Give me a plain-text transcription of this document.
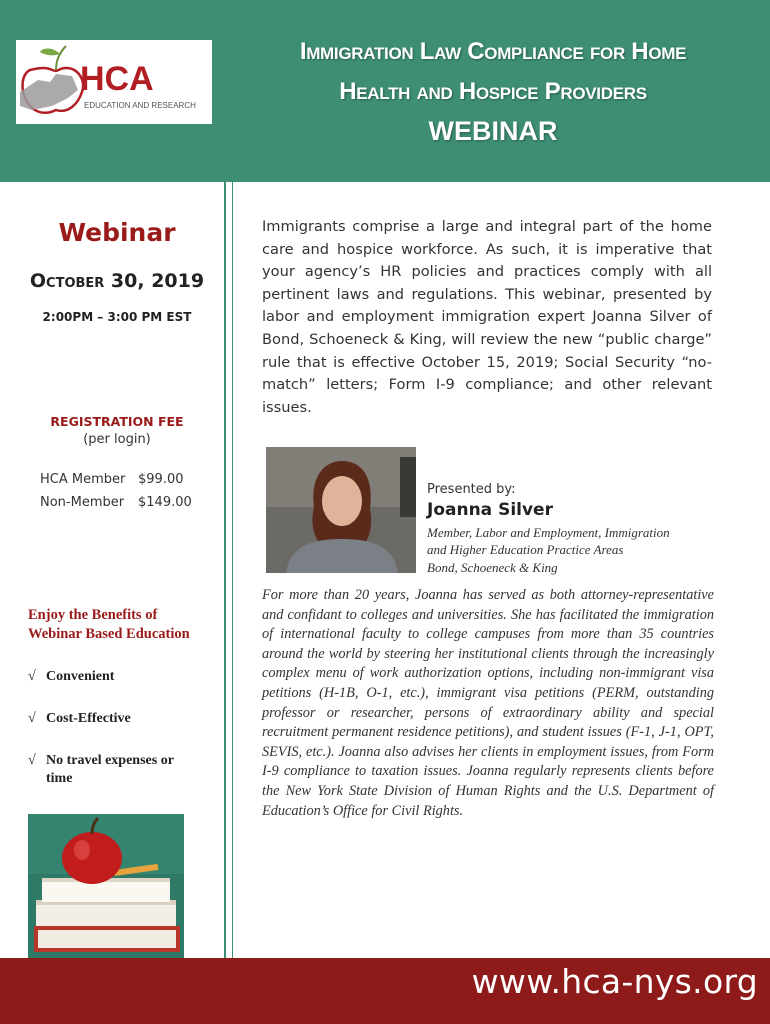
HCA
EDUCATION AND RESEARCH
Immigration Law Compliance for Home
Health and Hospice Providers
WEBINAR
Webinar
October 30, 2019
2:00PM – 3:00 PM EST
REGISTRATION FEE
(per login)
HCA Member $99.00
Non-Member $149.00
Enjoy the Benefits of
Webinar Based Education
√ Convenient
√ Cost-Effective
√ No travel expenses or time
Immigrants comprise a large and integral part of the home care and hospice workforce. As such, it is imperative that your agency’s HR policies and practices comply with all pertinent laws and regulations. This webinar, presented by labor and employment immigration expert Joanna Silver of Bond, Schoeneck & King, will review the new “public charge” rule that is effective October 15, 2019; Social Security “no-match” letters; Form I-9 compliance; and other relevant issues.
Presented by:
Joanna Silver
Member, Labor and Employment, Immigration
and Higher Education Practice Areas
Bond, Schoeneck & King
For more than 20 years, Joanna has served as both attorney-representative and confidant to colleges and universities. She has facilitated the immigration of international faculty to college campuses from more than 35 countries around the world by steering her institutional clients through the increasingly complex menu of work authorization options, including non-immigrant visa petitions (H-1B, O-1, etc.), immigrant visa petitions (PERM, outstanding professor or researcher, persons of extraordinary ability and special recruitment permanent residence petitions), and student issues (F-1, J-1, OPT, SEVIS, etc.). Joanna also advises her clients in employment issues, from Form I-9 compliance to taxation issues. Joanna regularly represents clients before the New York State Division of Human Rights and the U.S. Department of Education’s Office for Civil Rights.
www.hca-nys.org
